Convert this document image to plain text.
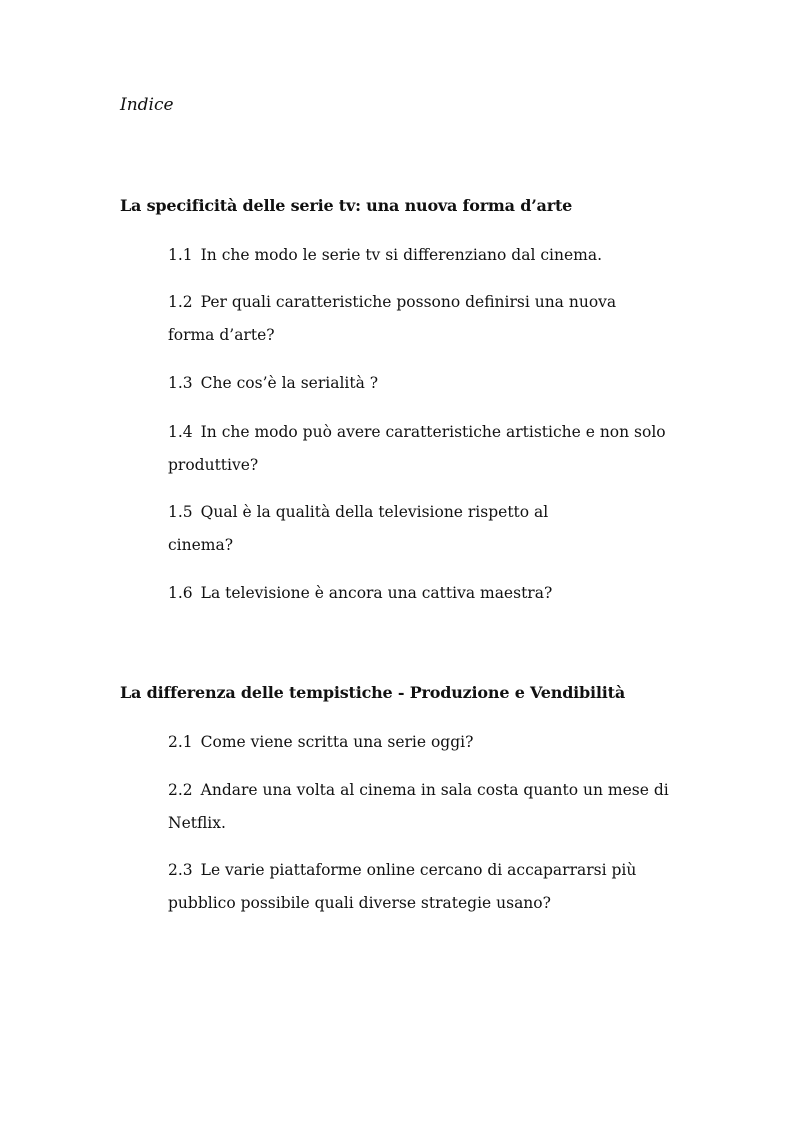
Indice
La specificità delle serie tv: una nuova forma d’arte

1.1 In che modo le serie tv si differenziano dal cinema.

1.2 Per quali caratteristiche possono definirsi una nuova forma d’arte?

1.3 Che cos’è la serialità ?

1.4 In che modo può avere caratteristiche artistiche e non solo produttive?

1.5 Qual è la qualità della televisione rispetto al cinema?

1.6 La televisione è ancora una cattiva maestra?

La differenza delle tempistiche - Produzione e Vendibilità

2.1 Come viene scritta una serie oggi?

2.2 Andare una volta al cinema in sala costa quanto un mese di Netflix.

2.3 Le varie piattaforme online cercano di accaparrarsi più pubblico possibile quali diverse strategie usano?
